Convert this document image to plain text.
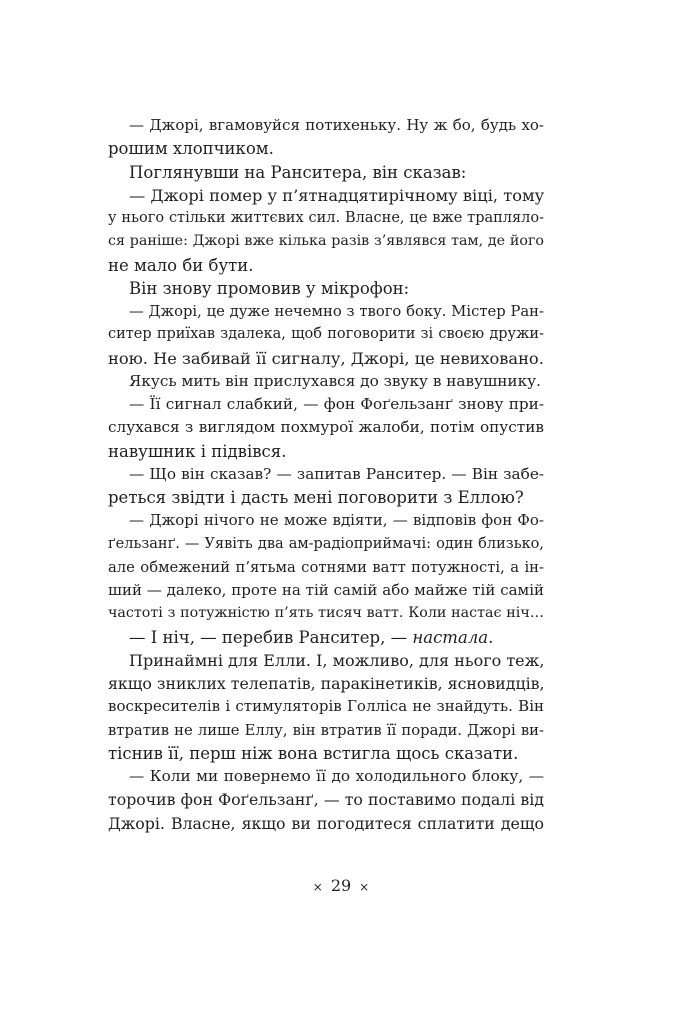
— Джорі, вгамовуйся потихеньку. Ну ж бо, будь хо-
рошим хлопчиком.
Поглянувши на Ранситера, він сказав:
— Джорі помер у п’ятнадцятирічному віці, тому
у нього стільки життєвих сил. Власне, це вже траплялo-
ся раніше: Джорі вже кілька разів з’являвся там, де його
не мало би бути.
Він знову промовив у мікрофон:
— Джорі, це дуже нечемно з твого боку. Містер Ран-
ситер приїхав здалека, щоб поговорити зі своєю дружи-
ною. Не забивай її сигналу, Джорі, це невиховано.
Якусь мить він прислухався до звуку в навушнику.
— Її сигнал слабкий, — фон Фоґельзанґ знову при-
слухався з виглядом похмурої жалоби, потім опустив
навушник і підвівся.
— Що він сказав? — запитав Ранситер. — Він забе-
реться звідти і дасть мені поговорити з Еллою?
— Джорі нічого не може вдіяти, — відповів фон Фо-
ґельзанґ. — Уявіть два ам-радіоприймачі: один близько,
але обмежений п’ятьма сотнями ватт потужності, а ін-
ший — далеко, проте на тій самій або майже тій самій
частоті з потужністю п’ять тисяч ватт. Коли настає ніч…
— І ніч, — перебив Ранситер, — настала.
Принаймні для Елли. І, можливо, для нього теж,
якщо зниклих телепатів, паракінетиків, ясновидців,
воскресителів і стимуляторів Голліса не знайдуть. Він
втратив не лише Еллу, він втратив її поради. Джорі ви-
тіснив її, перш ніж вона встигла щось сказати.
— Коли ми повернемо її до холодильного блоку, —
торочив фон Фоґельзанґ, — то поставимо подалі від
Джорі. Власне, якщо ви погодитеся сплатити дещо
× 29 ×
